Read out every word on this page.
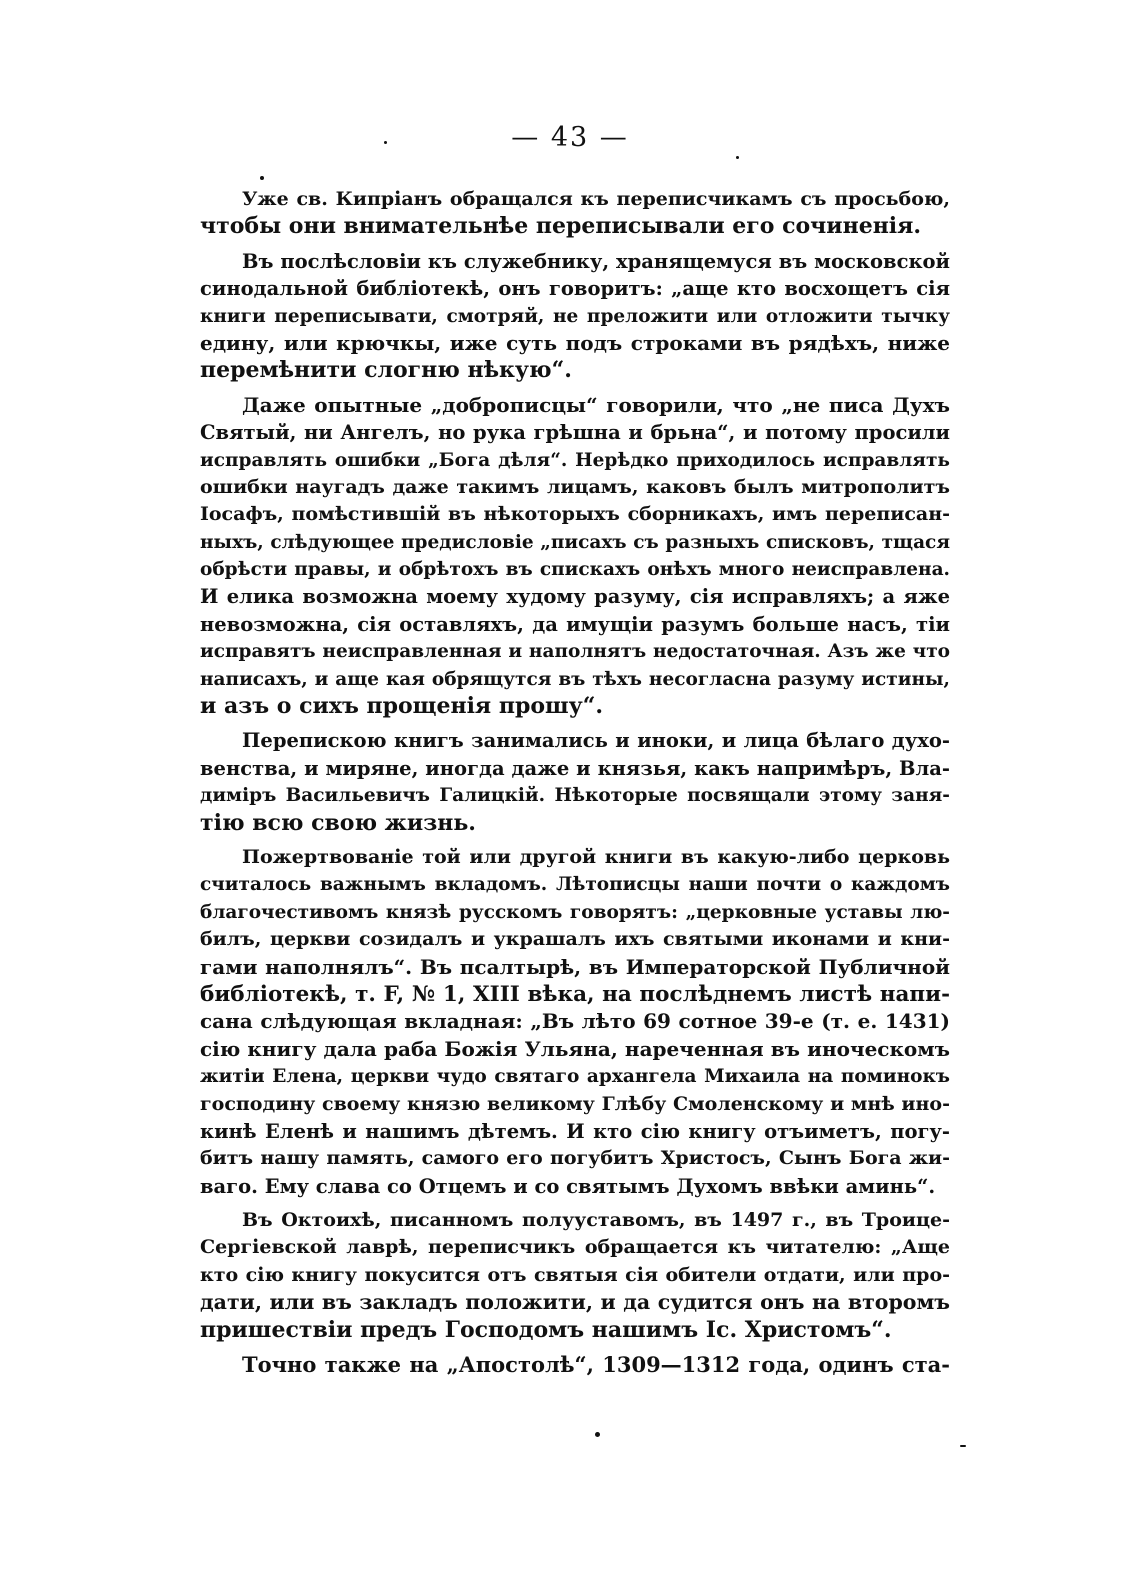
— 43 —
Уже св. Кипріанъ обращался къ переписчикамъ съ просьбою,
чтобы они внимательнѣе переписывали его сочиненія.
Въ послѣсловіи къ служебнику, хранящемуся въ московской
синодальной библіотекѣ, онъ говоритъ: „аще кто восхощетъ сія
книги переписывати, смотряй, не преложити или отложити тычку
едину, или крючкы, иже суть подъ строками въ рядѣхъ, ниже
перемѣнити слогню нѣкую“.
Даже опытные „доброписцы“ говорили, что „не писа Духъ
Святый, ни Ангелъ, но рука грѣшна и брьна“, и потому просили
исправлять ошибки „Бога дѣля“. Нерѣдко приходилось исправлять
ошибки наугадъ даже такимъ лицамъ, каковъ былъ митрополитъ
Іосафъ, помѣстившій въ нѣкоторыхъ сборникахъ, имъ переписан-
ныхъ, слѣдующее предисловіе „писахъ съ разныхъ списковъ, тщася
обрѣсти правы, и обрѣтохъ въ спискахъ онѣхъ много неисправлена.
И елика возможна моему худому разуму, сія исправляхъ; а яже
невозможна, сія оставляхъ, да имущіи разумъ больше насъ, тіи
исправятъ неисправленная и наполнятъ недостаточная. Азъ же что
написахъ, и аще кая обрящутся въ тѣхъ несогласна разуму истины,
и азъ о сихъ прощенія прошу“.
Перепискою книгъ занимались и иноки, и лица бѣлаго духо-
венства, и миряне, иногда даже и князья, какъ напримѣръ, Вла-
диміръ Васильевичъ Галицкій. Нѣкоторые посвящали этому заня-
тію всю свою жизнь.
Пожертвованіе той или другой книги въ какую-либо церковь
считалось важнымъ вкладомъ. Лѣтописцы наши почти о каждомъ
благочестивомъ князѣ русскомъ говорятъ: „церковные уставы лю-
билъ, церкви созидалъ и украшалъ ихъ святыми иконами и кни-
гами наполнялъ“. Въ псалтырѣ, въ Императорской Публичной
библіотекѣ, т. F, № 1, XIII вѣка, на послѣднемъ листѣ напи-
сана слѣдующая вкладная: „Въ лѣто 69 сотное 39-е (т. е. 1431)
сію книгу дала раба Божія Ульяна, нареченная въ иноческомъ
житіи Елена, церкви чудо святаго архангела Михаила на поминокъ
господину своему князю великому Глѣбу Смоленскому и мнѣ ино-
кинѣ Еленѣ и нашимъ дѣтемъ. И кто сію книгу отъиметъ, погу-
битъ нашу память, самого его погубитъ Христосъ, Сынъ Бога жи-
ваго. Ему слава со Отцемъ и со святымъ Духомъ ввѣки аминь“.
Въ Октоихѣ, писанномъ полууставомъ, въ 1497 г., въ Троице-
Сергіевской лаврѣ, переписчикъ обращается къ читателю: „Аще
кто сію книгу покусится отъ святыя сія обители отдати, или про-
дати, или въ закладъ положити, и да судится онъ на второмъ
пришествіи предъ Господомъ нашимъ Іс. Христомъ“.
Точно также на „Апостолѣ“, 1309—1312 года, одинъ ста-
